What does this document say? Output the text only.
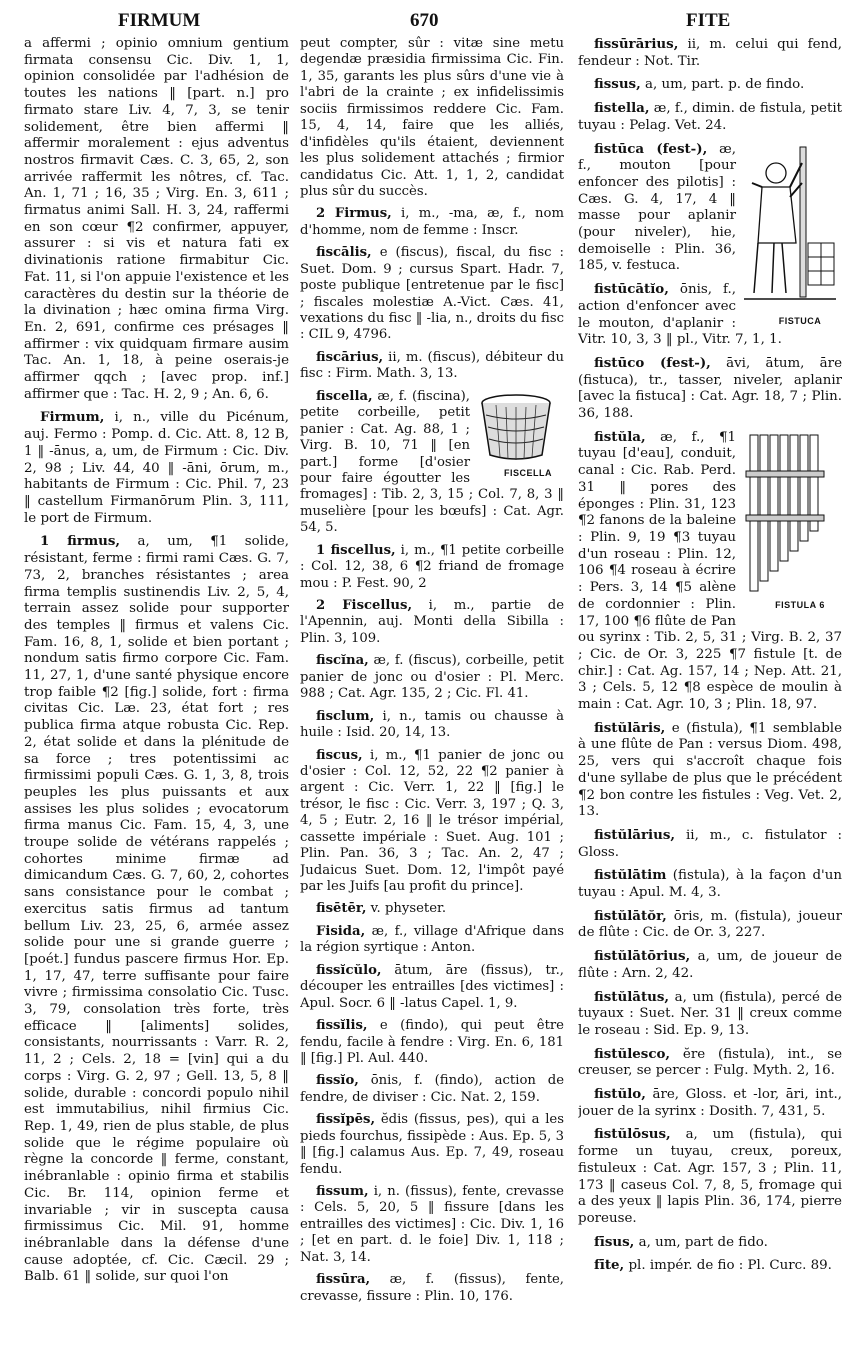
FIRMUM	670	FITE

a affermi ; opinio omnium gentium firmata consensu Cic. Div. 1, 1, opinion consolidée par l'adhésion de toutes les nations ‖ [part. n.] pro firmato stare Liv. 4, 7, 3, se tenir solidement, être bien affermi ‖ affermir moralement : ejus adventus nostros firmavit Cæs. C. 3, 65, 2, son arrivée raffermit les nôtres, cf. Tac. An. 1, 71 ; 16, 35 ; Virg. En. 3, 611 ; firmatus animi Sall. H. 3, 24, raffermi en son cœur ¶2 confirmer, appuyer, assurer : si vis et natura fati ex divinationis ratione firmabitur Cic. Fat. 11, si l'on appuie l'existence et les caractères du destin sur la théorie de la divination ; hæc omina firma Virg. En. 2, 691, confirme ces présages ‖ affirmer : vix quidquam firmare ausim Tac. An. 1, 18, à peine oserais-je affirmer qqch ; [avec prop. inf.] affirmer que : Tac. H. 2, 9 ; An. 6, 6.

Firmum, i, n., ville du Picénum, auj. Fermo : Pomp. d. Cic. Att. 8, 12 B, 1 ‖ -ānus, a, um, de Firmum : Cic. Div. 2, 98 ; Liv. 44, 40 ‖ -āni, ōrum, m., habitants de Firmum : Cic. Phil. 7, 23 ‖ castellum Firmanōrum Plin. 3, 111, le port de Firmum.

1 firmus, a, um, ¶1 solide, résistant, ferme : firmi rami Cæs. G. 7, 73, 2, branches résistantes ; area firma templis sustinendis Liv. 2, 5, 4, terrain assez solide pour supporter des temples ‖ firmus et valens Cic. Fam. 16, 8, 1, solide et bien portant ; nondum satis firmo corpore Cic. Fam. 11, 27, 1, d'une santé physique encore trop faible ¶2 [fig.] solide, fort : firma civitas Cic. Læ. 23, état fort ; res publica firma atque robusta Cic. Rep. 2, état solide et dans la plénitude de sa force ; tres potentissimi ac firmissimi populi Cæs. G. 1, 3, 8, trois peuples les plus puissants et aux assises les plus solides ; evocatorum firma manus Cic. Fam. 15, 4, 3, une troupe solide de vétérans rappelés ; cohortes minime firmæ ad dimicandum Cæs. G. 7, 60, 2, cohortes sans consistance pour le combat ; exercitus satis firmus ad tantum bellum Liv. 23, 25, 6, armée assez solide pour une si grande guerre ; [poét.] fundus pascere firmus Hor. Ep. 1, 17, 47, terre suffisante pour faire vivre ; firmissima consolatio Cic. Tusc. 3, 79, consolation très forte, très efficace ‖ [aliments] solides, consistants, nourrissants : Varr. R. 2, 11, 2 ; Cels. 2, 18 = [vin] qui a du corps : Virg. G. 2, 97 ; Gell. 13, 5, 8 ‖ solide, durable : concordi populo nihil est immutabilius, nihil firmius Cic. Rep. 1, 49, rien de plus stable, de plus solide que le régime populaire où règne la concorde ‖ ferme, constant, inébranlable : opinio firma et stabilis Cic. Br. 114, opinion ferme et invariable ; vir in suscepta causa firmissimus Cic. Mil. 91, homme inébranlable dans la défense d'une cause adoptée, cf. Cic. Cæcil. 29 ; Balb. 61 ‖ solide, sur quoi l'on

peut compter, sûr : vitæ sine metu degendæ præsidia firmissima Cic. Fin. 1, 35, garants les plus sûrs d'une vie à l'abri de la crainte ; ex infidelissimis sociis firmissimos reddere Cic. Fam. 15, 4, 14, faire que les alliés, d'infidèles qu'ils étaient, deviennent les plus solidement attachés ; firmior candidatus Cic. Att. 1, 1, 2, candidat plus sûr du succès.

2 Firmus, i, m., -ma, æ, f., nom d'homme, nom de femme : Inscr.

fiscālis, e (fiscus), fiscal, du fisc : Suet. Dom. 9 ; cursus Spart. Hadr. 7, poste publique [entretenue par le fisc] ; fiscales molestiæ A.-Vict. Cæs. 41, vexations du fisc ‖ -lia, n., droits du fisc : CIL 9, 4796.

fiscārius, ii, m. (fiscus), débiteur du fisc : Firm. Math. 3, 13.

FISCELLA
fiscella, æ, f. (fiscina), petite corbeille, petit panier : Cat. Ag. 88, 1 ; Virg. B. 10, 71 ‖ [en part.] forme [d'osier pour faire égoutter les fromages] : Tib. 2, 3, 15 ; Col. 7, 8, 3 ‖ muselière [pour les bœufs] : Cat. Agr. 54, 5.

1 fiscellus, i, m., ¶1 petite corbeille : Col. 12, 38, 6 ¶2 friand de fromage mou : P. Fest. 90, 2

2 Fiscellus, i, m., partie de l'Apennin, auj. Monti della Sibilla : Plin. 3, 109.

fiscĭna, æ, f. (fiscus), corbeille, petit panier de jonc ou d'osier : Pl. Merc. 988 ; Cat. Agr. 135, 2 ; Cic. Fl. 41.

fisclum, i, n., tamis ou chausse à huile : Isid. 20, 14, 13.

fiscus, i, m., ¶1 panier de jonc ou d'osier : Col. 12, 52, 22 ¶2 panier à argent : Cic. Verr. 1, 22 ‖ [fig.] le trésor, le fisc : Cic. Verr. 3, 197 ; Q. 3, 4, 5 ; Eutr. 2, 16 ‖ le trésor impérial, cassette impériale : Suet. Aug. 101 ; Plin. Pan. 36, 3 ; Tac. An. 2, 47 ; Judaicus Suet. Dom. 12, l'impôt payé par les Juifs [au profit du prince].

fisētēr, v. physeter.

Fisida, æ, f., village d'Afrique dans la région syrtique : Anton.

fissĭcŭlo, ātum, āre (fissus), tr., découper les entrailles [des victimes] : Apul. Socr. 6 ‖ -latus Capel. 1, 9.

fissĭlis, e (findo), qui peut être fendu, facile à fendre : Virg. En. 6, 181 ‖ [fig.] Pl. Aul. 440.

fissĭo, ōnis, f. (findo), action de fendre, de diviser : Cic. Nat. 2, 159.

fissĭpēs, ĕdis (fissus, pes), qui a les pieds fourchus, fissipède : Aus. Ep. 5, 3 ‖ [fig.] calamus Aus. Ep. 7, 49, roseau fendu.

fissum, i, n. (fissus), fente, crevasse : Cels. 5, 20, 5 ‖ fissure [dans les entrailles des victimes] : Cic. Div. 1, 16 ; [et en part. d. le foie] Div. 1, 118 ; Nat. 3, 14.

fissūra, æ, f. (fissus), fente, crevasse, fissure : Plin. 10, 176.

fissūrārius, ii, m. celui qui fend, fendeur : Not. Tir.

fissus, a, um, part. p. de findo.

fistella, æ, f., dimin. de fistula, petit tuyau : Pelag. Vet. 24.

FISTUCA
fistūca (fest-), æ, f., mouton [pour enfoncer des pilotis] : Cæs. G. 4, 17, 4 ‖ masse pour aplanir (pour niveler), hie, demoiselle : Plin. 36, 185, v. festuca.

fistūcātĭo, ōnis, f., action d'enfoncer avec le mouton, d'aplanir : Vitr. 10, 3, 3 ‖ pl., Vitr. 7, 1, 1.

fistūco (fest-), āvi, ātum, āre (fistuca), tr., tasser, niveler, aplanir [avec la fistuca] : Cat. Agr. 18, 7 ; Plin. 36, 188.

FISTULA 6
fistŭla, æ, f., ¶1 tuyau [d'eau], conduit, canal : Cic. Rab. Perd. 31 ‖ pores des éponges : Plin. 31, 123 ¶2 fanons de la baleine : Plin. 9, 19 ¶3 tuyau d'un roseau : Plin. 12, 106 ¶4 roseau à écrire : Pers. 3, 14 ¶5 alène de cordonnier : Plin. 17, 100 ¶6 flûte de Pan ou syrinx : Tib. 2, 5, 31 ; Virg. B. 2, 37 ; Cic. de Or. 3, 225 ¶7 fistule [t. de chir.] : Cat. Ag. 157, 14 ; Nep. Att. 21, 3 ; Cels. 5, 12 ¶8 espèce de moulin à main : Cat. Agr. 10, 3 ; Plin. 18, 97.

fistŭlāris, e (fistula), ¶1 semblable à une flûte de Pan : versus Diom. 498, 25, vers qui s'accroît chaque fois d'une syllabe de plus que le précédent ¶2 bon contre les fistules : Veg. Vet. 2, 13.

fistŭlārius, ii, m., c. fistulator : Gloss.

fistŭlātim (fistula), à la façon d'un tuyau : Apul. M. 4, 3.

fistŭlātŏr, ōris, m. (fistula), joueur de flûte : Cic. de Or. 3, 227.

fistŭlātōrius, a, um, de joueur de flûte : Arn. 2, 42.

fistŭlātus, a, um (fistula), percé de tuyaux : Suet. Ner. 31 ‖ creux comme le roseau : Sid. Ep. 9, 13.

fistŭlesco, ĕre (fistula), int., se creuser, se percer : Fulg. Myth. 2, 16.

fistŭlo, āre, Gloss. et -lor, āri, int., jouer de la syrinx : Dosith. 7, 431, 5.

fistŭlōsus, a, um (fistula), qui forme un tuyau, creux, poreux, fistuleux : Cat. Agr. 157, 3 ; Plin. 11, 173 ‖ caseus Col. 7, 8, 5, fromage qui a des yeux ‖ lapis Plin. 36, 174, pierre poreuse.

fīsus, a, um, part de fido.

fīte, pl. impér. de fio : Pl. Curc. 89.
